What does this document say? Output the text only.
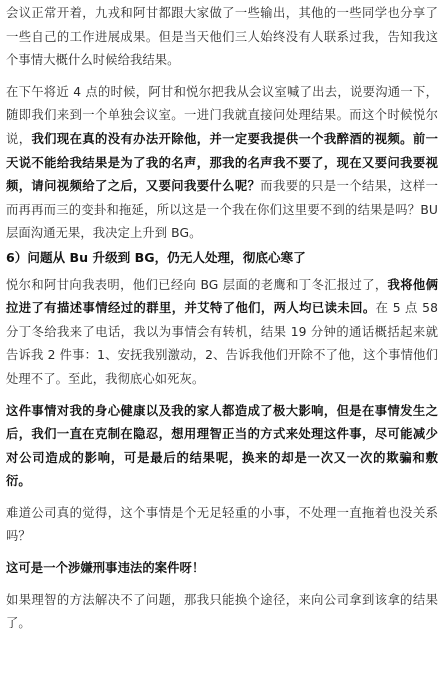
会议正常开着，九戎和阿甘都跟大家做了一些输出，其他的一些同学也分享了一些自己的工作进展成果。但是当天他们三人始终没有人联系过我，告知我这个事情大概什么时候给我结果。

在下午将近 4 点的时候，阿甘和悦尔把我从会议室喊了出去，说要沟通一下，随即我们来到一个单独会议室。一进门我就直接问处理结果。而这个时候悦尔说，我们现在真的没有办法开除他，并一定要我提供一个我醉酒的视频。前一天说不能给我结果是为了我的名声，那我的名声我不要了，现在又要问我要视频，请问视频给了之后，又要问我要什么呢？而我要的只是一个结果，这样一而再再而三的变卦和拖延，所以这是一个我在你们这里要不到的结果是吗？BU 层面沟通无果，我决定上升到 BG。

6）问题从 Bu 升级到 BG，仍无人处理，彻底心寒了

悦尔和阿甘向我表明，他们已经向 BG 层面的老鹰和丁冬汇报过了，我将他俩拉进了有描述事情经过的群里，并艾特了他们，两人均已读未回。在 5 点 58 分丁冬给我来了电话，我以为事情会有转机，结果 19 分钟的通话概括起来就告诉我 2 件事：1、安抚我别激动，2、告诉我他们开除不了他，这个事情他们处理不了。至此，我彻底心如死灰。

这件事情对我的身心健康以及我的家人都造成了极大影响，但是在事情发生之后，我们一直在克制在隐忍，想用理智正当的方式来处理这件事，尽可能减少对公司造成的影响，可是最后的结果呢，换来的却是一次又一次的欺骗和敷衍。

难道公司真的觉得，这个事情是个无足轻重的小事，不处理一直拖着也没关系吗？

这可是一个涉嫌刑事违法的案件呀！

如果理智的方法解决不了问题，那我只能换个途径，来向公司拿到该拿的结果了。
